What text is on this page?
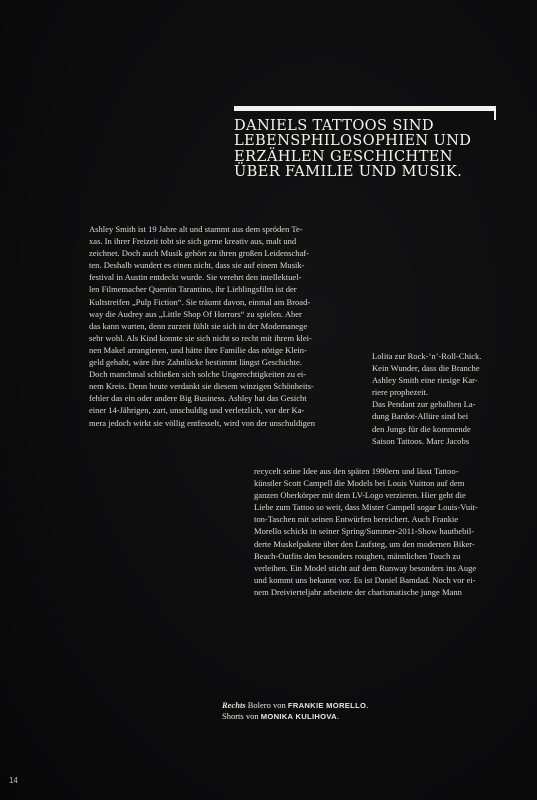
DANIELS TATTOOS SIND
LEBENSPHILOSOPHIEN UND
ERZÄHLEN GESCHICHTEN
ÜBER FAMILIE UND MUSIK.
Ashley Smith ist 19 Jahre alt und stammt aus dem spröden Te-
xas. In ihrer Freizeit tobt sie sich gerne kreativ aus, malt und
zeichnet. Doch auch Musik gehört zu ihren großen Leidenschaf-
ten. Deshalb wundert es einen nicht, dass sie auf einem Musik-
festival in Austin entdeckt wurde. Sie verehrt den intellektuel-
len Filmemacher Quentin Tarantino, ihr Lieblingsfilm ist der
Kultstreifen „Pulp Fiction“. Sie träumt davon, einmal am Broad-
way die Audrey aus „Little Shop Of Horrors“ zu spielen. Aber
das kann warten, denn zurzeit fühlt sie sich in der Modemanege
sehr wohl. Als Kind konnte sie sich nicht so recht mit ihrem klei-
nen Makel arrangieren, und hätte ihre Familie das nötige Klein-
geld gehabt, wäre ihre Zahnlücke bestimmt längst Geschichte.
Doch manchmal schließen sich solche Ungerechtigkeiten zu ei-
nem Kreis. Denn heute verdankt sie diesem winzigen Schönheits-
fehler das ein oder andere Big Business. Ashley hat das Gesicht
einer 14-Jährigen, zart, unschuldig und verletzlich, vor der Ka-
mera jedoch wirkt sie völlig entfesselt, wird von der unschuldigen
Lolita zur Rock-’n’-Roll-Chick.
Kein Wunder, dass die Branche
Ashley Smith eine riesige Kar-
riere prophezeit.
Das Pendant zur geballten La-
dung Bardot-Allüre sind bei
den Jungs für die kommende
Saison Tattoos. Marc Jacobs
recycelt seine Idee aus den späten 1990ern und lässt Tattoo-
künstler Scott Campell die Models bei Louis Vuitton auf dem
ganzen Oberkörper mit dem LV-Logo verzieren. Hier geht die
Liebe zum Tattoo so weit, dass Mister Campell sogar Louis-Vuit-
ton-Taschen mit seinen Entwürfen bereichert. Auch Frankie
Morello schickt in seiner Spring/Summer-2011-Show hautbebil-
derte Muskelpakete über den Laufsteg, um den modernen Biker-
Beach-Outfits den besonders roughen, männlichen Touch zu
verleihen. Ein Model sticht auf dem Runway besonders ins Auge
und kommt uns bekannt vor. Es ist Daniel Bamdad. Noch vor ei-
nem Dreivierteljahr arbeitete der charismatische junge Mann
Rechts Bolero von FRANKIE MORELLO.
Shorts von MONIKA KULIHOVA.
14
